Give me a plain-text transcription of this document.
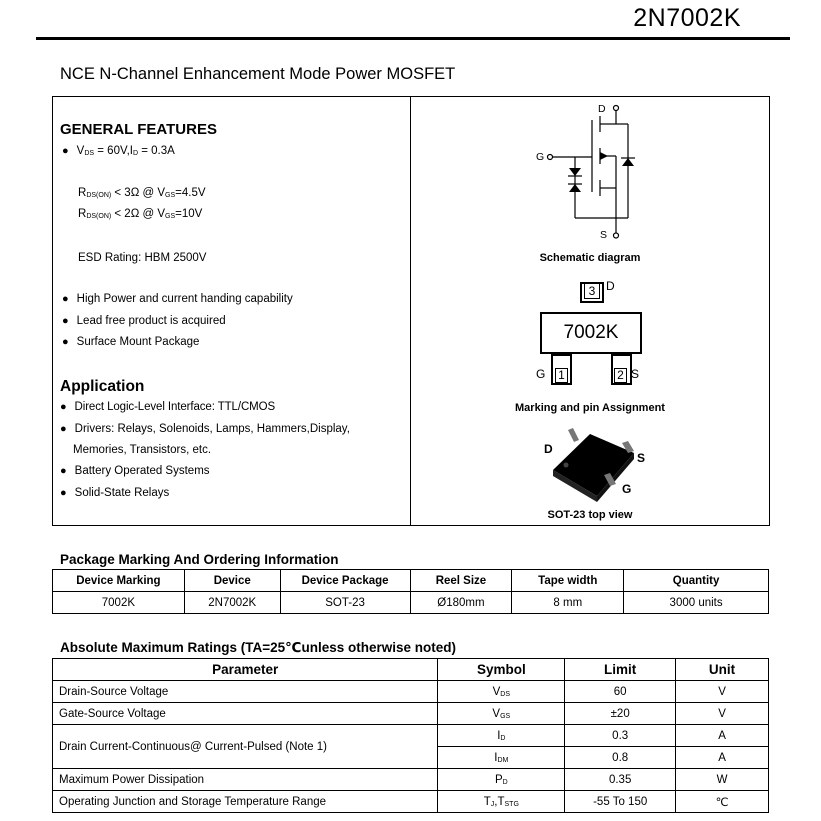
2N7002K
NCE N-Channel Enhancement Mode Power MOSFET
GENERAL FEATURES
● VDS = 60V,ID = 0.3A
RDS(ON) < 3Ω @ VGS=4.5V
RDS(ON) < 2Ω @ VGS=10V
ESD Rating: HBM 2500V
● High Power and current handing capability
● Lead free product is acquired
● Surface Mount Package
Application
● Direct Logic-Level Interface: TTL/CMOS
● Drivers: Relays, Solenoids, Lamps, Hammers,Display,
Memories, Transistors, etc.
● Battery Operated Systems
● Solid-State Relays
D
G
S
Schematic diagram
3 D
7002K
1
G	2 S
Marking and pin Assignment
D
S
G
SOT-23 top view
Package Marking And Ordering Information
Device Marking	Device	Device Package	Reel Size	Tape width	Quantity
7002K	2N7002K	SOT-23	Ø180mm	8 mm	3000 units
Absolute Maximum Ratings (TA=25℃unless otherwise noted)
Parameter	Symbol	Limit	Unit
Drain-Source Voltage	VDS	60	V
Gate-Source Voltage	VGS	±20	V
Drain Current-Continuous@ Current-Pulsed (Note 1)	ID	0.3	A
	IDM	0.8	A
Maximum Power Dissipation	PD	0.35	W
Operating Junction and Storage Temperature Range	TJ,TSTG	-55 To 150	℃
